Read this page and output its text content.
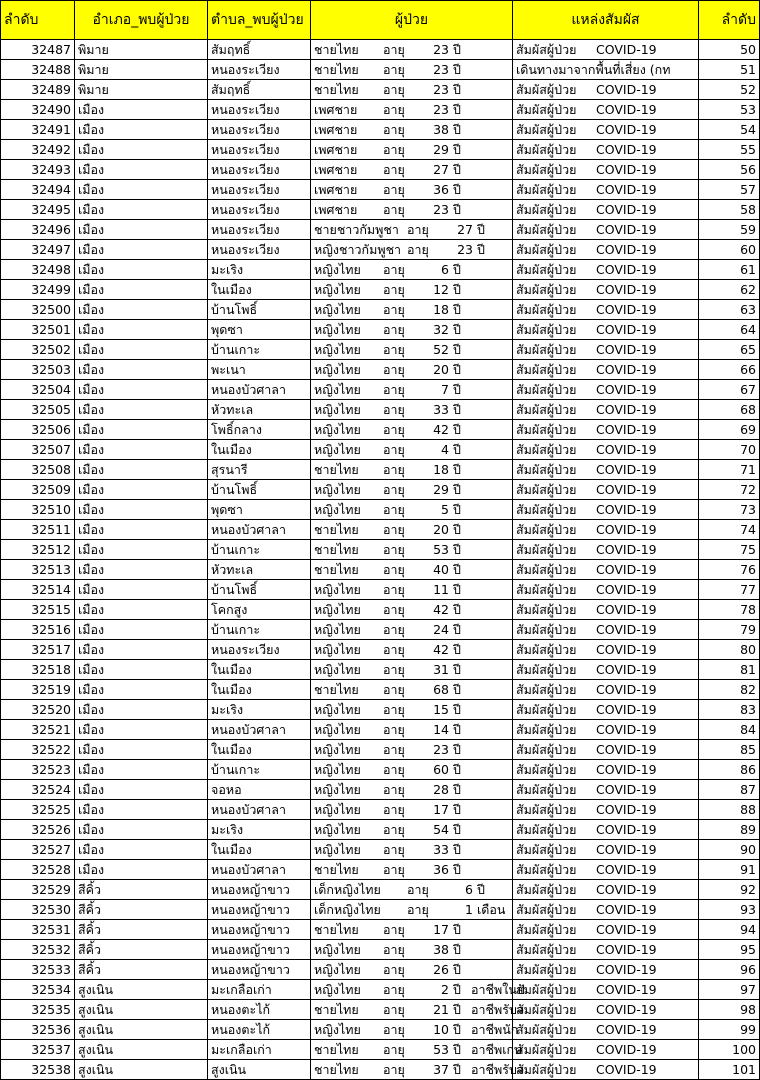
ลำดับ	อำเภอ_พบผู้ป่วย	ตำบล_พบผู้ป่วย	ผู้ป่วย	แหล่งสัมผัส	ลำดับ
32487	พิมาย	สัมฤทธิ์	ชายไทย อายุ 23 ปี	สัมผัสผู้ป่วย COVID-19	50
32488	พิมาย	หนองระเวียง	ชายไทย อายุ 23 ปี	เดินทางมาจากพื้นที่เสี่ยง (กท	51
32489	พิมาย	สัมฤทธิ์	ชายไทย อายุ 23 ปี	สัมผัสผู้ป่วย COVID-19	52
32490	เมือง	หนองระเวียง	เพศชาย อายุ 23 ปี	สัมผัสผู้ป่วย COVID-19	53
32491	เมือง	หนองระเวียง	เพศชาย อายุ 38 ปี	สัมผัสผู้ป่วย COVID-19	54
32492	เมือง	หนองระเวียง	เพศชาย อายุ 29 ปี	สัมผัสผู้ป่วย COVID-19	55
32493	เมือง	หนองระเวียง	เพศชาย อายุ 27 ปี	สัมผัสผู้ป่วย COVID-19	56
32494	เมือง	หนองระเวียง	เพศชาย อายุ 36 ปี	สัมผัสผู้ป่วย COVID-19	57
32495	เมือง	หนองระเวียง	เพศชาย อายุ 23 ปี	สัมผัสผู้ป่วย COVID-19	58
32496	เมือง	หนองระเวียง	ชายชาวกัมพูชา อายุ 27 ปี	สัมผัสผู้ป่วย COVID-19	59
32497	เมือง	หนองระเวียง	หญิงชาวกัมพูชา อายุ 23 ปี	สัมผัสผู้ป่วย COVID-19	60
32498	เมือง	มะเริง	หญิงไทย อายุ 6 ปี	สัมผัสผู้ป่วย COVID-19	61
32499	เมือง	ในเมือง	หญิงไทย อายุ 12 ปี	สัมผัสผู้ป่วย COVID-19	62
32500	เมือง	บ้านโพธิ์	หญิงไทย อายุ 18 ปี	สัมผัสผู้ป่วย COVID-19	63
32501	เมือง	พุดซา	หญิงไทย อายุ 32 ปี	สัมผัสผู้ป่วย COVID-19	64
32502	เมือง	บ้านเกาะ	หญิงไทย อายุ 52 ปี	สัมผัสผู้ป่วย COVID-19	65
32503	เมือง	พะเนา	หญิงไทย อายุ 20 ปี	สัมผัสผู้ป่วย COVID-19	66
32504	เมือง	หนองบัวศาลา	หญิงไทย อายุ 7 ปี	สัมผัสผู้ป่วย COVID-19	67
32505	เมือง	หัวทะเล	หญิงไทย อายุ 33 ปี	สัมผัสผู้ป่วย COVID-19	68
32506	เมือง	โพธิ์กลาง	หญิงไทย อายุ 42 ปี	สัมผัสผู้ป่วย COVID-19	69
32507	เมือง	ในเมือง	หญิงไทย อายุ 4 ปี	สัมผัสผู้ป่วย COVID-19	70
32508	เมือง	สุรนารี	ชายไทย อายุ 18 ปี	สัมผัสผู้ป่วย COVID-19	71
32509	เมือง	บ้านโพธิ์	หญิงไทย อายุ 29 ปี	สัมผัสผู้ป่วย COVID-19	72
32510	เมือง	พุดซา	หญิงไทย อายุ 5 ปี	สัมผัสผู้ป่วย COVID-19	73
32511	เมือง	หนองบัวศาลา	ชายไทย อายุ 20 ปี	สัมผัสผู้ป่วย COVID-19	74
32512	เมือง	บ้านเกาะ	ชายไทย อายุ 53 ปี	สัมผัสผู้ป่วย COVID-19	75
32513	เมือง	หัวทะเล	ชายไทย อายุ 40 ปี	สัมผัสผู้ป่วย COVID-19	76
32514	เมือง	บ้านโพธิ์	หญิงไทย อายุ 11 ปี	สัมผัสผู้ป่วย COVID-19	77
32515	เมือง	โคกสูง	หญิงไทย อายุ 42 ปี	สัมผัสผู้ป่วย COVID-19	78
32516	เมือง	บ้านเกาะ	หญิงไทย อายุ 24 ปี	สัมผัสผู้ป่วย COVID-19	79
32517	เมือง	หนองระเวียง	หญิงไทย อายุ 42 ปี	สัมผัสผู้ป่วย COVID-19	80
32518	เมือง	ในเมือง	หญิงไทย อายุ 31 ปี	สัมผัสผู้ป่วย COVID-19	81
32519	เมือง	ในเมือง	ชายไทย อายุ 68 ปี	สัมผัสผู้ป่วย COVID-19	82
32520	เมือง	มะเริง	หญิงไทย อายุ 15 ปี	สัมผัสผู้ป่วย COVID-19	83
32521	เมือง	หนองบัวศาลา	หญิงไทย อายุ 14 ปี	สัมผัสผู้ป่วย COVID-19	84
32522	เมือง	ในเมือง	หญิงไทย อายุ 23 ปี	สัมผัสผู้ป่วย COVID-19	85
32523	เมือง	บ้านเกาะ	หญิงไทย อายุ 60 ปี	สัมผัสผู้ป่วย COVID-19	86
32524	เมือง	จอหอ	หญิงไทย อายุ 28 ปี	สัมผัสผู้ป่วย COVID-19	87
32525	เมือง	หนองบัวศาลา	หญิงไทย อายุ 17 ปี	สัมผัสผู้ป่วย COVID-19	88
32526	เมือง	มะเริง	หญิงไทย อายุ 54 ปี	สัมผัสผู้ป่วย COVID-19	89
32527	เมือง	ในเมือง	หญิงไทย อายุ 33 ปี	สัมผัสผู้ป่วย COVID-19	90
32528	เมือง	หนองบัวศาลา	ชายไทย อายุ 36 ปี	สัมผัสผู้ป่วย COVID-19	91
32529	สีคิ้ว	หนองหญ้าขาว	เด็กหญิงไทย อายุ 6 ปี	สัมผัสผู้ป่วย COVID-19	92
32530	สีคิ้ว	หนองหญ้าขาว	เด็กหญิงไทย อายุ 1 เดือน	สัมผัสผู้ป่วย COVID-19	93
32531	สีคิ้ว	หนองหญ้าขาว	ชายไทย อายุ 17 ปี	สัมผัสผู้ป่วย COVID-19	94
32532	สีคิ้ว	หนองหญ้าขาว	หญิงไทย อายุ 38 ปี	สัมผัสผู้ป่วย COVID-19	95
32533	สีคิ้ว	หนองหญ้าขาว	หญิงไทย อายุ 26 ปี	สัมผัสผู้ป่วย COVID-19	96
32534	สูงเนิน	มะเกลือเก่า	หญิงไทย อายุ 2 ปี อาชีพในป	สัมผัสผู้ป่วย COVID-19	97
32535	สูงเนิน	หนองตะไก้	ชายไทย อายุ 21 ปี อาชีพรับจ	สัมผัสผู้ป่วย COVID-19	98
32536	สูงเนิน	หนองตะไก้	หญิงไทย อายุ 10 ปี อาชีพนัก	สัมผัสผู้ป่วย COVID-19	99
32537	สูงเนิน	มะเกลือเก่า	ชายไทย อายุ 53 ปี อาชีพเกษ	สัมผัสผู้ป่วย COVID-19	100
32538	สูงเนิน	สูงเนิน	ชายไทย อายุ 37 ปี อาชีพรับจ	สัมผัสผู้ป่วย COVID-19	101
